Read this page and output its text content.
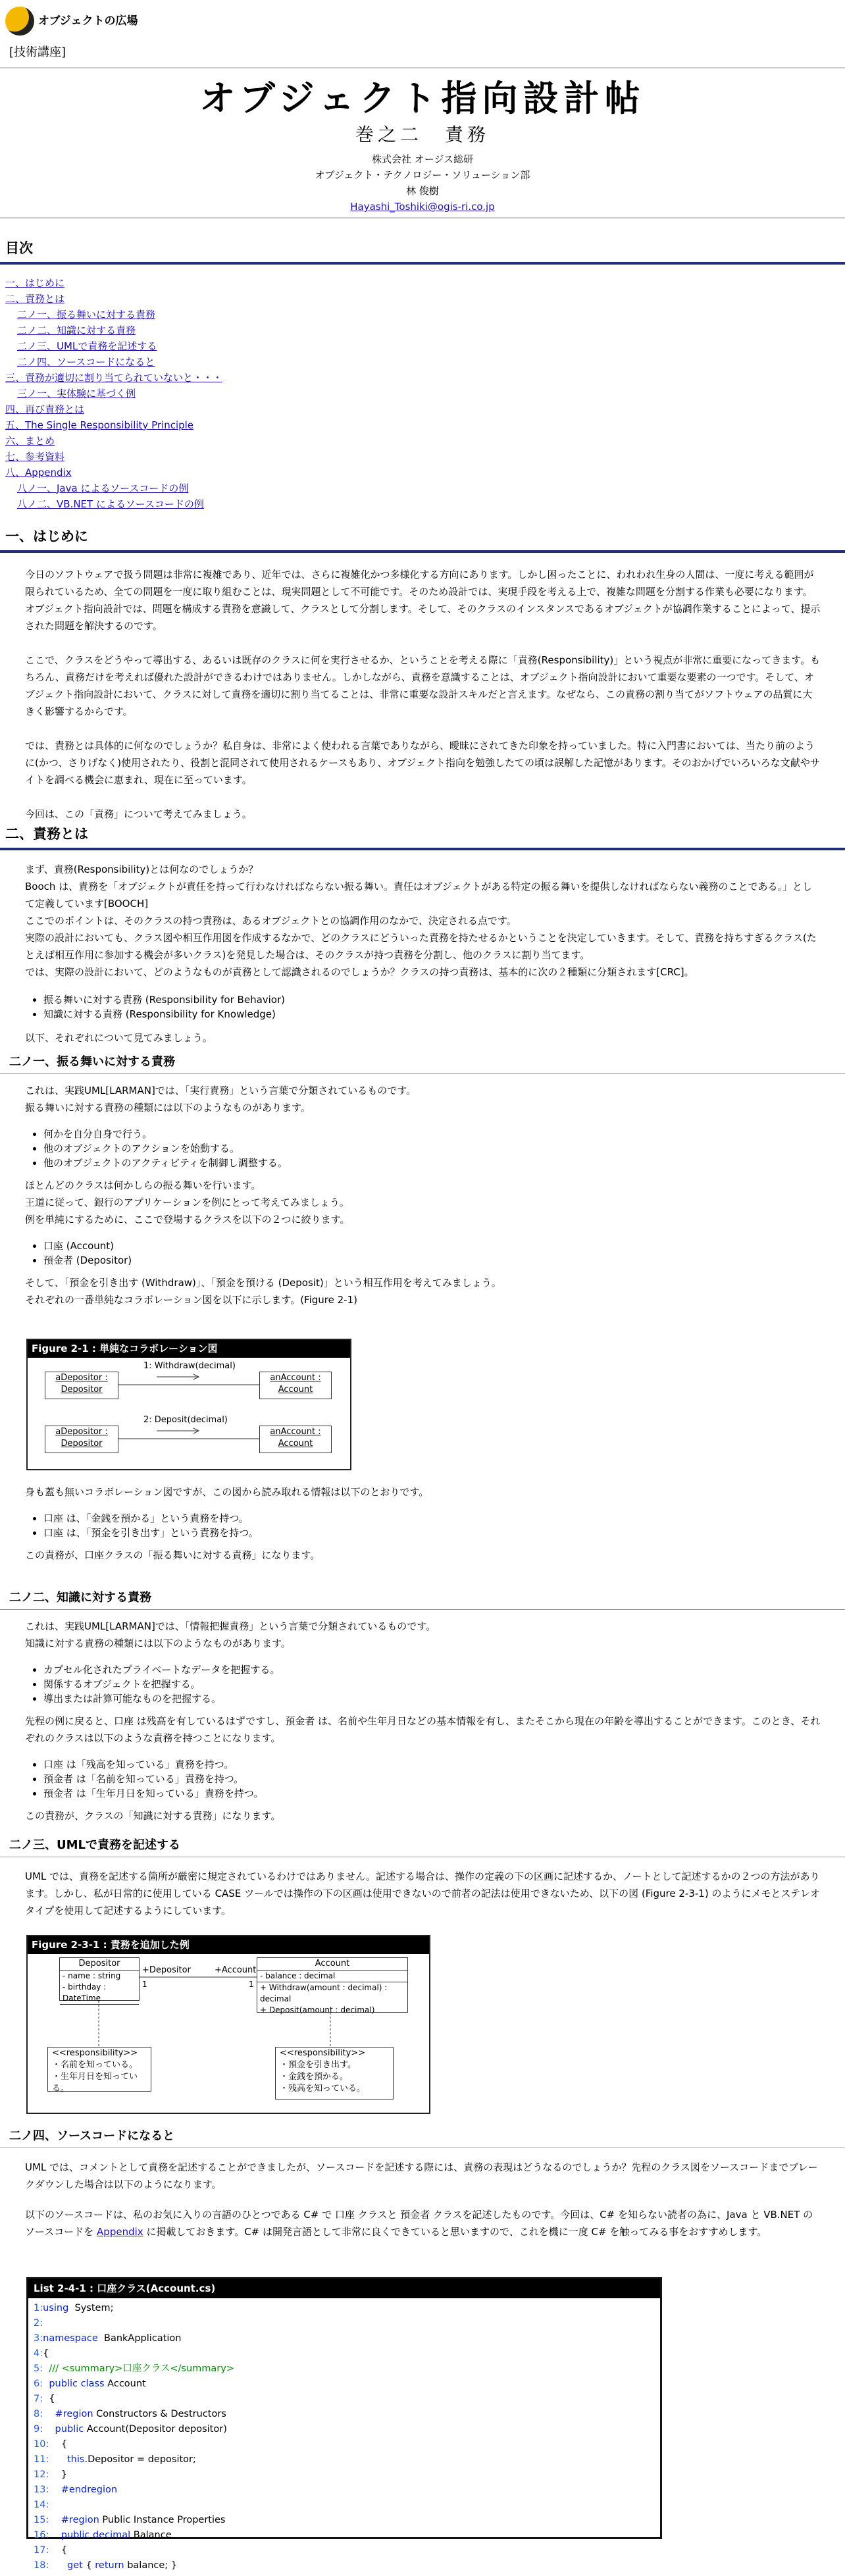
オブジェクトの広場
[技術講座]
オブジェクト指向設計帖
巻之二　責務
株式会社 オージス総研
オブジェクト・テクノロジー・ソリューション部
林 俊樹
Hayashi_Toshiki@ogis-ri.co.jp
目次
一、はじめに
二、責務とは
二ノ一、振る舞いに対する責務
二ノ二、知識に対する責務
二ノ三、UMLで責務を記述する
二ノ四、ソースコードになると
三、責務が適切に割り当てられていないと・・・
三ノ一、実体験に基づく例
四、再び責務とは
五、The Single Responsibility Principle
六、まとめ
七、参考資料
八、Appendix
八ノ一、Java によるソースコードの例
八ノ二、VB.NET によるソースコードの例
一、はじめに

今日のソフトウェアで扱う問題は非常に複雑であり、近年では、さらに複雑化かつ多様化する方向にあります。しかし困ったことに、われわれ生身の人間は、一度に考える範囲が限られているため、全ての問題を一度に取り組むことは、現実問題として不可能です。そのため設計では、実現手段を考える上で、複雑な問題を分割する作業も必要になります。オブジェクト指向設計では、問題を構成する責務を意識して、クラスとして分割します。そして、そのクラスのインスタンスであるオブジェクトが協調作業することによって、提示された問題を解決するのです。

ここで、クラスをどうやって導出する、あるいは既存のクラスに何を実行させるか、ということを考える際に「責務(Responsibility)」という視点が非常に重要になってきます。もちろん、責務だけを考えれば優れた設計ができるわけではありません。しかしながら、責務を意識することは、オブジェクト指向設計において重要な要素の一つです。そして、オブジェクト指向設計において、クラスに対して責務を適切に割り当てることは、非常に重要な設計スキルだと言えます。なぜなら、この責務の割り当てがソフトウェアの品質に大きく影響するからです。

では、責務とは具体的に何なのでしょうか？私自身は、非常によく使われる言葉でありながら、曖昧にされてきた印象を持っていました。特に入門書においては、当たり前のように(かつ、さりげなく)使用されたり、役割と混同されて使用されるケースもあり、オブジェクト指向を勉強したての頃は誤解した記憶があります。そのおかげでいろいろな文献やサイトを調べる機会に恵まれ、現在に至っています。

今回は、この「責務」について考えてみましょう。

二、責務とは

まず、責務(Responsibility)とは何なのでしょうか？

Booch は、責務を「オブジェクトが責任を持って行わなければならない振る舞い。責任はオブジェクトがある特定の振る舞いを提供しなければならない義務のことである。」として定義しています[BOOCH]

ここでのポイントは、そのクラスの持つ責務は、あるオブジェクトとの協調作用のなかで、決定される点です。

実際の設計においても、クラス図や相互作用図を作成するなかで、どのクラスにどういった責務を持たせるかということを決定していきます。そして、責務を持ちすぎるクラス(たとえば相互作用に参加する機会が多いクラス)を発見した場合は、そのクラスが持つ責務を分割し、他のクラスに割り当てます。

では、実際の設計において、どのようなものが責務として認識されるのでしょうか？クラスの持つ責務は、基本的に次の２種類に分類されます[CRC]。

• 振る舞いに対する責務 (Responsibility for Behavior)
• 知識に対する責務 (Responsibility for Knowledge)

以下、それぞれについて見てみましょう。

二ノ一、振る舞いに対する責務

これは、実践UML[LARMAN]では、「実行責務」という言葉で分類されているものです。

振る舞いに対する責務の種類には以下のようなものがあります。

• 何かを自分自身で行う。
• 他のオブジェクトのアクションを始動する。
• 他のオブジェクトのアクティビティを制御し調整する。

ほとんどのクラスは何かしらの振る舞いを行います。

王道に従って、銀行のアプリケーションを例にとって考えてみましょう。

例を単純にするために、ここで登場するクラスを以下の２つに絞ります。

• 口座 (Account)
• 預金者 (Depositor)

そして、「預金を引き出す (Withdraw)」、「預金を預ける (Deposit)」という相互作用を考えてみましょう。

それぞれの一番単純なコラボレーション図を以下に示します。(Figure 2-1)

Figure 2-1 : 単純なコラボレーション図
aDepositor : Depositor
anAccount : Account
aDepositor : Depositor
anAccount : Account
1: Withdraw(decimal)
2: Deposit(decimal)

身も蓋も無いコラボレーション図ですが、この図から読み取れる情報は以下のとおりです。

• 口座 は、「金銭を預かる」という責務を持つ。
• 口座 は、「預金を引き出す」という責務を持つ。

この責務が、口座クラスの「振る舞いに対する責務」になります。

二ノ二、知識に対する責務

これは、実践UML[LARMAN]では、「情報把握責務」という言葉で分類されているものです。

知識に対する責務の種類には以下のようなものがあります。

• カプセル化されたプライベートなデータを把握する。
• 関係するオブジェクトを把握する。
• 導出または計算可能なものを把握する。

先程の例に戻ると、口座 は残高を有しているはずですし、預金者 は、名前や生年月日などの基本情報を有し、またそこから現在の年齢を導出することができます。このとき、それぞれのクラスは以下のような責務を持つことになります。

• 口座 は「残高を知っている」責務を持つ。
• 預金者 は「名前を知っている」責務を持つ。
• 預金者 は「生年月日を知っている」責務を持つ。

この責務が、クラスの「知識に対する責務」になります。

二ノ三、UMLで責務を記述する

UML では、責務を記述する箇所が厳密に規定されているわけではありません。記述する場合は、操作の定義の下の区画に記述するか、ノートとして記述するかの２つの方法があります。しかし、私が日常的に使用している CASE ツールでは操作の下の区画は使用できないので前者の記法は使用できないため、以下の図 (Figure 2-3-1) のようにメモとステレオタイプを使用して記述するようにしています。

Figure 2-3-1 : 責務を追加した例
Depositor
- name : string
- birthday : DateTime
Account
- balance : decimal
+ Withdraw(amount : decimal) : decimal
+ Deposit(amount : decimal)
+Depositor	+Account
1	1
<<responsibility>>
・名前を知っている。
・生年月日を知っている。
<<responsibility>>
・預金を引き出す。
・金銭を預かる。
・残高を知っている。
二ノ四、ソースコードになると

UML では、コメントとして責務を記述することができましたが、ソースコードを記述する際には、責務の表現はどうなるのでしょうか？先程のクラス図をソースコードまでブレークダウンした場合は以下のようになります。

以下のソースコードは、私のお気に入りの言語のひとつである C# で 口座 クラスと 預金者 クラスを記述したものです。今回は、C# を知らない読者の為に、Java と VB.NET のソースコードを Appendix に掲載しておきます。C# は開発言語として非常に良くできていると思いますので、これを機に一度 C# を触ってみる事をおすすめします。

List 2-4-1 : 口座クラス(Account.cs)
1:using  System;
2:
3:namespace  BankApplication
4:{
5:  /// <summary>口座クラス</summary>
6:  public class Account
7:  {
8:    #region Constructors & Destructors
9:    public Account(Depositor depositor)
10:    {
11:      this.Depositor = depositor;
12:    }
13:    #endregion
14:
15:    #region Public Instance Properties
16:    public decimal Balance
17:    {
18:      get { return balance; }
